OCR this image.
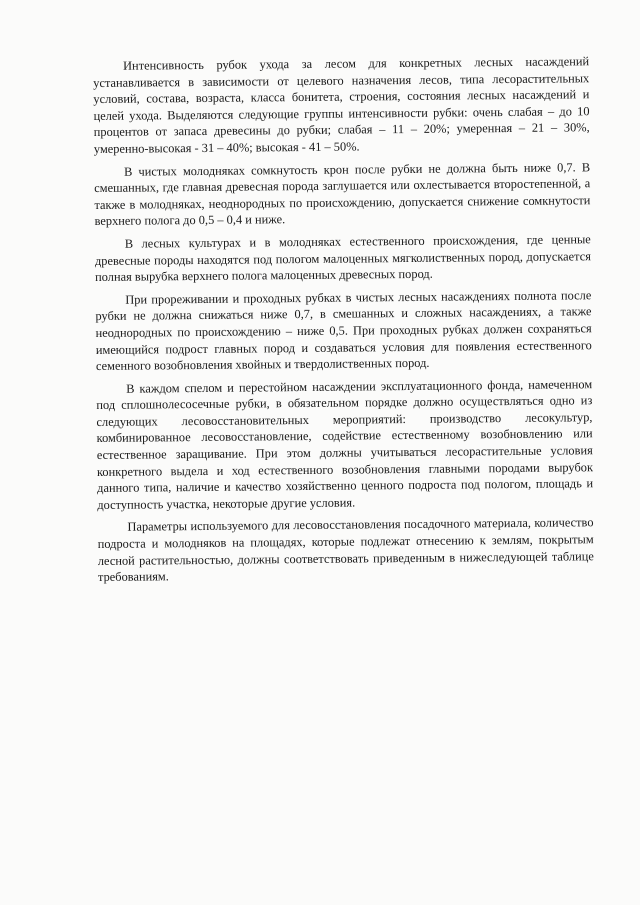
Интенсивность рубок ухода за лесом для конкретных лесных насаждений устанавливается в зависимости от целевого назначения лесов, типа лесорастительных условий, состава, возраста, класса бонитета, строения, состояния лесных насаждений и целей ухода. Выделяются следующие группы интенсивности рубки: очень слабая – до 10 процентов от запаса древесины до рубки; слабая – 11 – 20%; умеренная – 21 – 30%, умеренно-высокая - 31 – 40%; высокая - 41 – 50%.

В чистых молодняках сомкнутость крон после рубки не должна быть ниже 0,7. В смешанных, где главная древесная порода заглушается или охлестывается второстепенной, а также в молодняках, неоднородных по происхождению, допускается снижение сомкнутости верхнего полога до 0,5 – 0,4 и ниже.

В лесных культурах и в молодняках естественного происхождения, где ценные древесные породы находятся под пологом малоценных мягколиственных пород, допускается полная вырубка верхнего полога малоценных древесных пород.

При прореживании и проходных рубках в чистых лесных насаждениях полнота после рубки не должна снижаться ниже 0,7, в смешанных и сложных насаждениях, а также неоднородных по происхождению – ниже 0,5. При проходных рубках должен сохраняться имеющийся подрост главных пород и создаваться условия для появления естественного семенного возобновления хвойных и твердолиственных пород.

В каждом спелом и перестойном насаждении эксплуатационного фонда, намеченном под сплошнолесосечные рубки, в обязательном порядке должно осуществляться одно из следующих лесовосстановительных мероприятий: производство лесокультур, комбинированное лесовосстановление, содействие естественному возобновлению или естественное заращивание. При этом должны учитываться лесорастительные условия конкретного выдела и ход естественного возобновления главными породами вырубок данного типа, наличие и качество хозяйственно ценного подроста под пологом, площадь и доступность участка, некоторые другие условия.

Параметры используемого для лесовосстановления посадочного материала, количество подроста и молодняков на площадях, которые подлежат отнесению к землям, покрытым лесной растительностью, должны соответствовать приведенным в нижеследующей таблице требованиям.
